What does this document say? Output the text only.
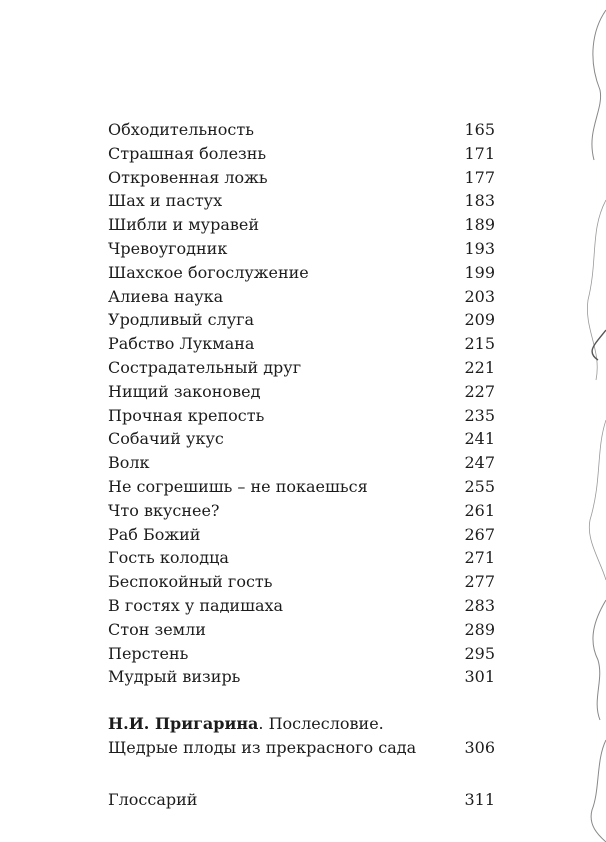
Обходительность	165
Страшная болезнь	171
Откровенная ложь	177
Шах и пастух	183
Шибли и муравей	189
Чревоугодник	193
Шахское богослужение	199
Алиева наука	203
Уродливый слуга	209
Рабство Лукмана	215
Сострадательный друг	221
Нищий законовед	227
Прочная крепость	235
Собачий укус	241
Волк	247
Не согрешишь – не покаешься	255
Что вкуснее?	261
Раб Божий	267
Гость колодца	271
Беспокойный гость	277
В гостях у падишаха	283
Стон земли	289
Перстень	295
Мудрый визирь	301
Н.И. Пригарина. Послесловие.
Щедрые плоды из прекрасного сада	306
Глоссарий	311
